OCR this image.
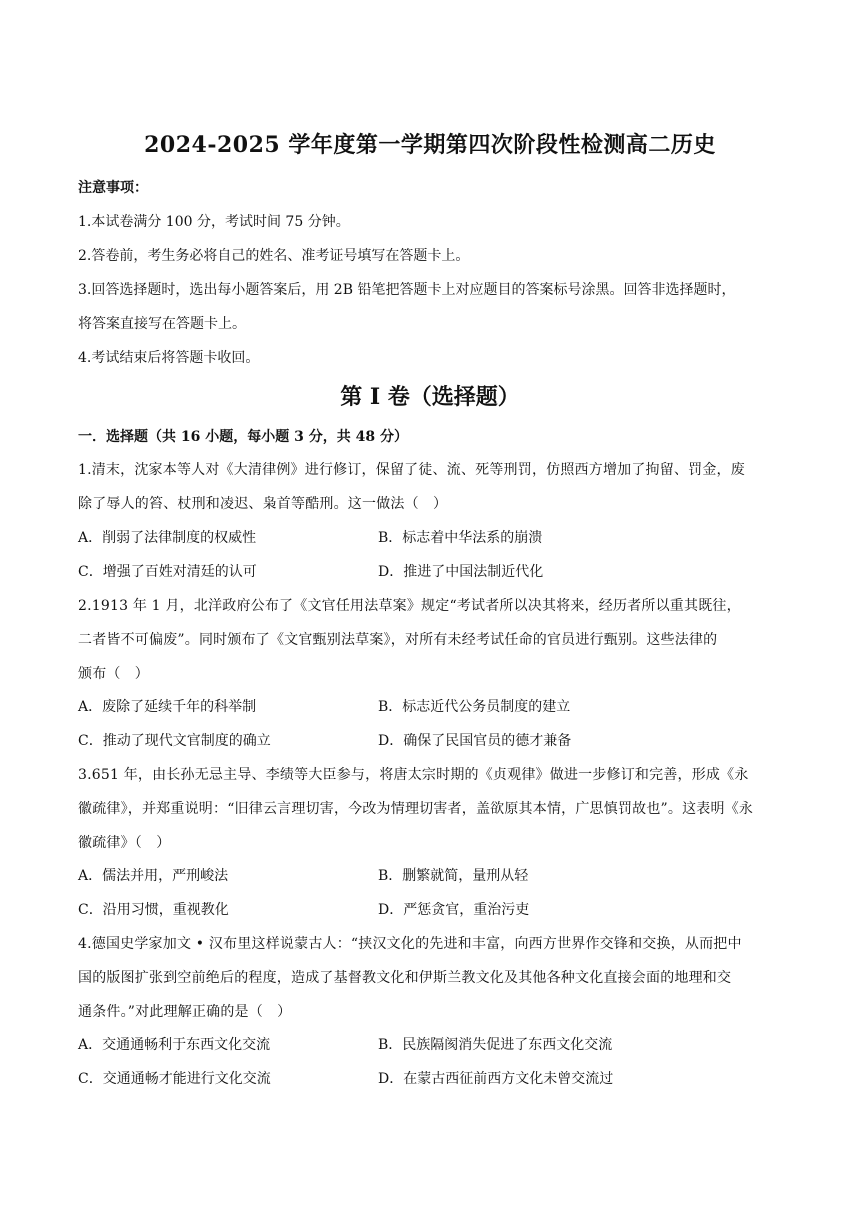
2024-2025 学年度第一学期第四次阶段性检测高二历史
注意事项：
1.本试卷满分 100 分，考试时间 75 分钟。
2.答卷前，考生务必将自己的姓名、准考证号填写在答题卡上。
3.回答选择题时，选出每小题答案后，用 2B 铅笔把答题卡上对应题目的答案标号涂黑。回答非选择题时，
将答案直接写在答题卡上。
4.考试结束后将答题卡收回。
第 I 卷（选择题）
一．选择题（共 16 小题，每小题 3 分，共 48 分）
1.清末，沈家本等人对《大清律例》进行修订，保留了徒、流、死等刑罚，仿照西方增加了拘留、罚金，废
除了辱人的笞、杖刑和凌迟、枭首等酷刑。这一做法（　）
A．削弱了法律制度的权威性	B．标志着中华法系的崩溃
C．增强了百姓对清廷的认可	D．推进了中国法制近代化
2.1913 年 1 月，北洋政府公布了《文官任用法草案》规定“考试者所以决其将来，经历者所以重其既往，
二者皆不可偏废”。同时颁布了《文官甄别法草案》，对所有未经考试任命的官员进行甄别。这些法律的
颁布（　）
A．废除了延续千年的科举制	B．标志近代公务员制度的建立
C．推动了现代文官制度的确立	D．确保了民国官员的德才兼备
3.651 年，由长孙无忌主导、李绩等大臣参与，将唐太宗时期的《贞观律》做进一步修订和完善，形成《永
徽疏律》，并郑重说明：“旧律云言理切害，今改为情理切害者，盖欲原其本情，广思慎罚故也”。这表明《永
徽疏律》（　）
A．儒法并用，严刑峻法	B．删繁就简，量刑从轻
C．沿用习惯，重视教化	D．严惩贪官，重治污吏
4.德国史学家加文 • 汉布里这样说蒙古人：“挟汉文化的先进和丰富，向西方世界作交锋和交换，从而把中
国的版图扩张到空前绝后的程度，造成了基督教文化和伊斯兰教文化及其他各种文化直接会面的地理和交
通条件。”对此理解正确的是（　）
A．交通通畅利于东西文化交流	B．民族隔阂消失促进了东西文化交流
C．交通通畅才能进行文化交流	D．在蒙古西征前西方文化未曾交流过
